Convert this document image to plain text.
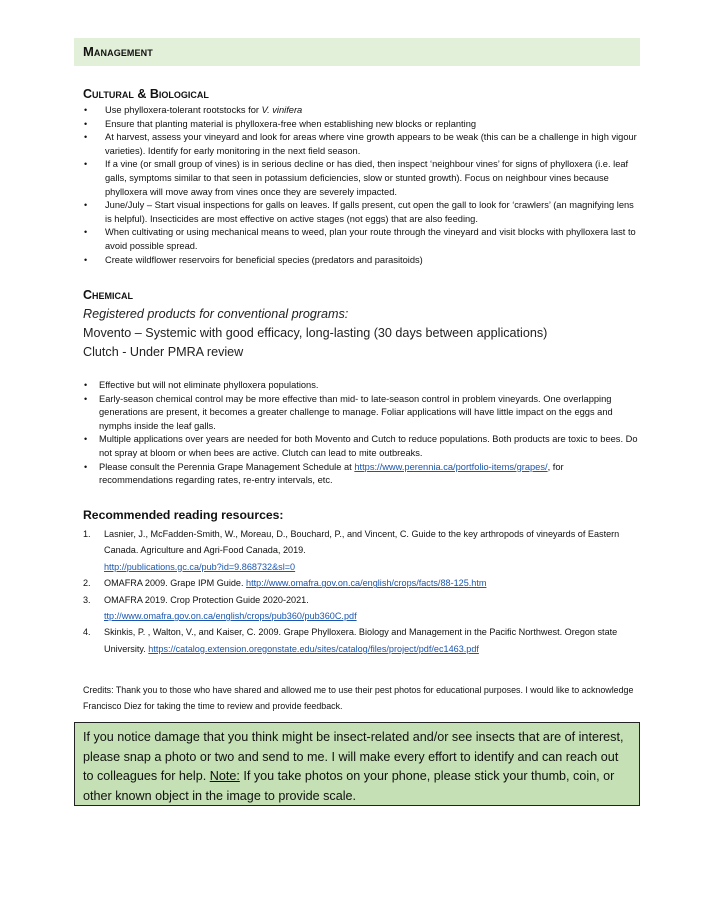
Management
Cultural & Biological
• Use phylloxera-tolerant rootstocks for V. vinifera
• Ensure that planting material is phylloxera-free when establishing new blocks or replanting
• At harvest, assess your vineyard and look for areas where vine growth appears to be weak (this can be a challenge in high vigour varieties). Identify for early monitoring in the next field season.
• If a vine (or small group of vines) is in serious decline or has died, then inspect ‘neighbour vines’ for signs of phylloxera (i.e. leaf galls, symptoms similar to that seen in potassium deficiencies, slow or stunted growth). Focus on neighbour vines because phylloxera will move away from vines once they are severely impacted.
• June/July – Start visual inspections for galls on leaves. If galls present, cut open the gall to look for ‘crawlers’ (an magnifying lens is helpful). Insecticides are most effective on active stages (not eggs) that are also feeding.
• When cultivating or using mechanical means to weed, plan your route through the vineyard and visit blocks with phylloxera last to avoid possible spread.
• Create wildflower reservoirs for beneficial species (predators and parasitoids)
Chemical
Registered products for conventional programs:
Movento – Systemic with good efficacy, long-lasting (30 days between applications)
Clutch - Under PMRA review
• Effective but will not eliminate phylloxera populations.
• Early-season chemical control may be more effective than mid- to late-season control in problem vineyards. One overlapping generations are present, it becomes a greater challenge to manage. Foliar applications will have little impact on the eggs and nymphs inside the leaf galls.
• Multiple applications over years are needed for both Movento and Cutch to reduce populations. Both products are toxic to bees. Do not spray at bloom or when bees are active. Clutch can lead to mite outbreaks.
• Please consult the Perennia Grape Management Schedule at https://www.perennia.ca/portfolio-items/grapes/, for recommendations regarding rates, re-entry intervals, etc.
Recommended reading resources:
1. Lasnier, J., McFadden-Smith, W., Moreau, D., Bouchard, P., and Vincent, C. Guide to the key arthropods of vineyards of Eastern Canada. Agriculture and Agri-Food Canada, 2019.
http://publications.gc.ca/pub?id=9.868732&sl=0
2. OMAFRA 2009. Grape IPM Guide. http://www.omafra.gov.on.ca/english/crops/facts/88-125.htm
3. OMAFRA 2019. Crop Protection Guide 2020-2021.
ttp://www.omafra.gov.on.ca/english/crops/pub360/pub360C.pdf
4. Skinkis, P. , Walton, V., and Kaiser, C. 2009. Grape Phylloxera. Biology and Management in the Pacific Northwest. Oregon state University. https://catalog.extension.oregonstate.edu/sites/catalog/files/project/pdf/ec1463.pdf
Credits: Thank you to those who have shared and allowed me to use their pest photos for educational purposes. I would like to acknowledge Francisco Diez for taking the time to review and provide feedback.
If you notice damage that you think might be insect-related and/or see insects that are of interest, please snap a photo or two and send to me. I will make every effort to identify and can reach out to colleagues for help. Note: If you take photos on your phone, please stick your thumb, coin, or other known object in the image to provide scale.
